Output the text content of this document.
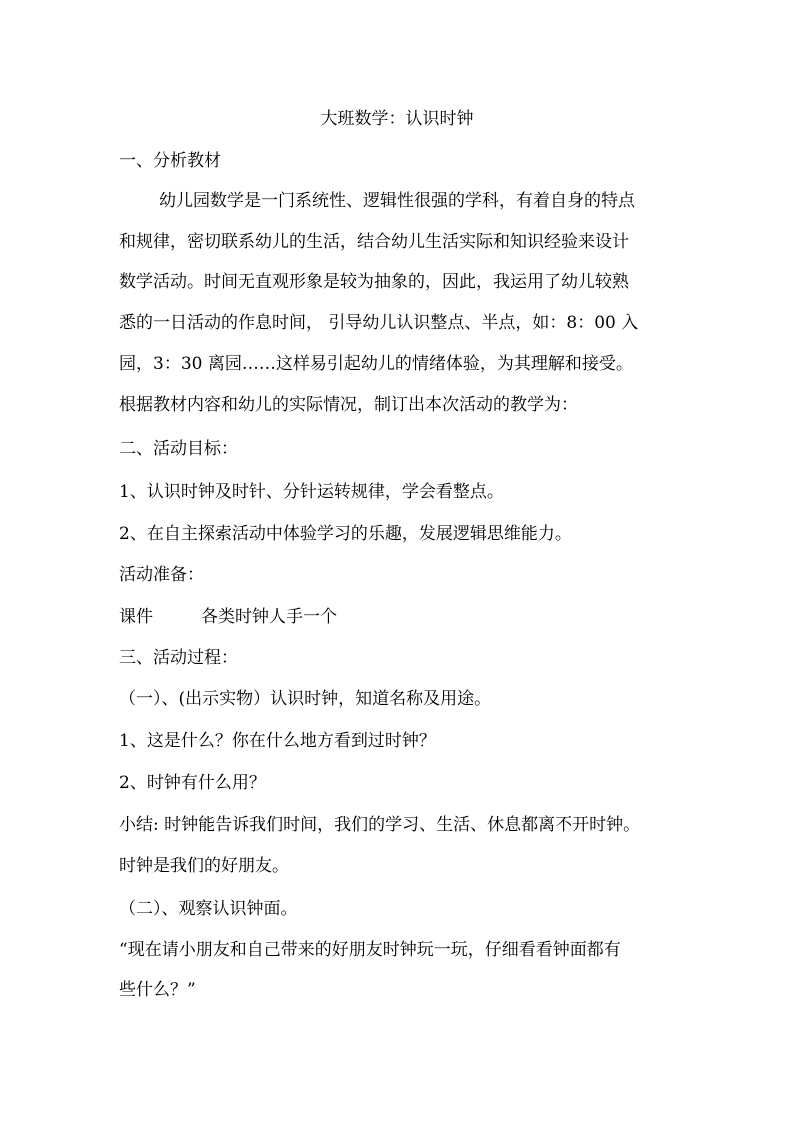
大班数学：认识时钟
一、分析教材
幼儿园数学是一门系统性、逻辑性很强的学科，有着自身的特点
和规律，密切联系幼儿的生活，结合幼儿生活实际和知识经验来设计
数学活动。时间无直观形象是较为抽象的，因此，我运用了幼儿较熟
悉的一日活动的作息时间， 引导幼儿认识整点、半点，如：8：00 入
园，3：30 离园……这样易引起幼儿的情绪体验，为其理解和接受。
根据教材内容和幼儿的实际情况，制订出本次活动的教学为：
二、活动目标：
1、认识时钟及时针、分针运转规律，学会看整点。
2、在自主探索活动中体验学习的乐趣，发展逻辑思维能力。
活动准备：
课件	各类时钟人手一个
三、活动过程：
（一）、(出示实物）认识时钟，知道名称及用途。
1、这是什么？你在什么地方看到过时钟？
2、时钟有什么用？
小结: 时钟能告诉我们时间，我们的学习、生活、休息都离不开时钟。
时钟是我们的好朋友。
（二）、观察认识钟面。
“现在请小朋友和自己带来的好朋友时钟玩一玩，仔细看看钟面都有
些什么？”
